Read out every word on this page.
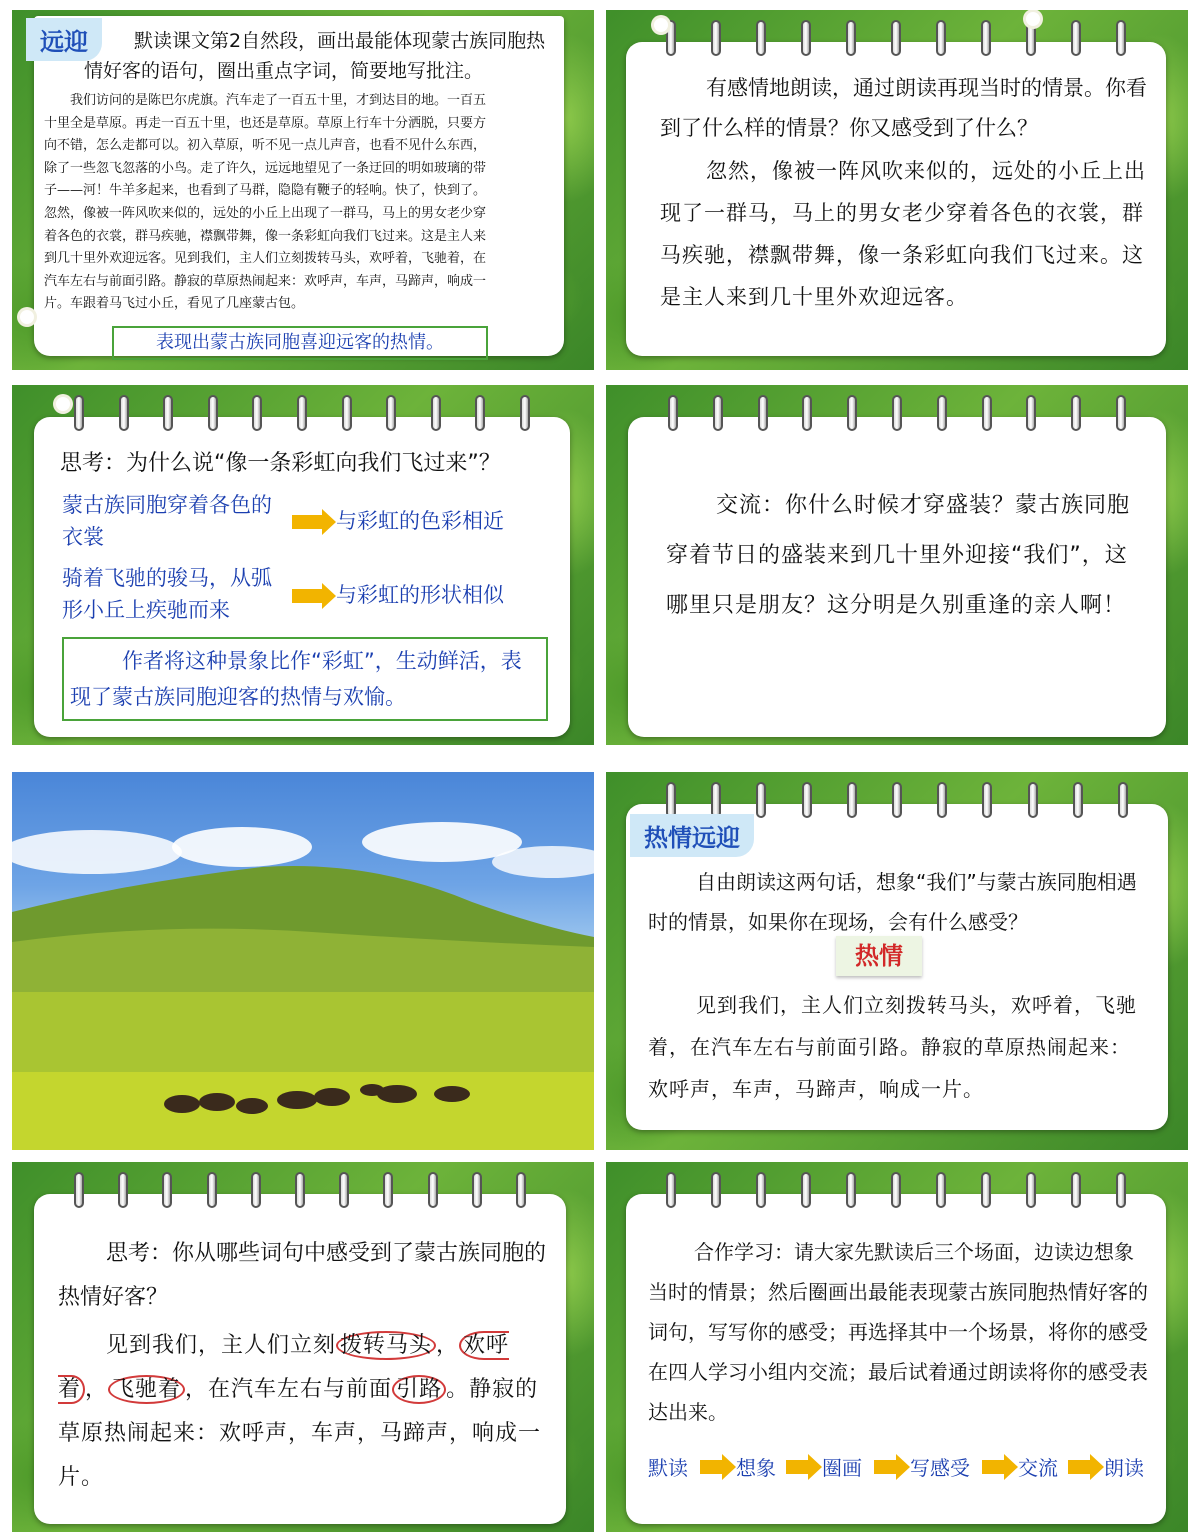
远迎	默读课文第2自然段，画出最能体现蒙古族同胞热情好客的语句，圈出重点字词，简要地写批注。
我们访问的是陈巴尔虎旗。汽车走了一百五十里，才到达目的地。一百五
十里全是草原。再走一百五十里，也还是草原。草原上行车十分洒脱，只要方
向不错，怎么走都可以。初入草原，听不见一点儿声音，也看不见什么东西，
除了一些忽飞忽落的小鸟。走了许久，远远地望见了一条迂回的明如玻璃的带
子——河！牛羊多起来，也看到了马群，隐隐有鞭子的轻响。快了，快到了。
忽然，像被一阵风吹来似的，远处的小丘上出现了一群马，马上的男女老少穿
着各色的衣裳，群马疾驰，襟飘带舞，像一条彩虹向我们飞过来。这是主人来
到几十里外欢迎远客。见到我们，主人们立刻拨转马头，欢呼着，飞驰着，在
汽车左右与前面引路。静寂的草原热闹起来：欢呼声，车声，马蹄声，响成一
片。车跟着马飞过小丘，看见了几座蒙古包。
表现出蒙古族同胞喜迎远客的热情。
有感情地朗读，通过朗读再现当时的情景。你看到了什么样的情景？你又感受到了什么？
忽然，像被一阵风吹来似的，远处的小丘上出现了一群马，马上的男女老少穿着各色的衣裳，群马疾驰，襟飘带舞，像一条彩虹向我们飞过来。这是主人来到几十里外欢迎远客。
思考：为什么说“像一条彩虹向我们飞过来”？
蒙古族同胞穿着各色的衣裳
与彩虹的色彩相近
骑着飞驰的骏马，从弧形小丘上疾驰而来
与彩虹的形状相似
作者将这种景象比作“彩虹”，生动鲜活，表现了蒙古族同胞迎客的热情与欢愉。
交流：你什么时候才穿盛装？蒙古族同胞穿着节日的盛装来到几十里外迎接“我们”，这哪里只是朋友？这分明是久别重逢的亲人啊！
热情远迎
自由朗读这两句话，想象“我们”与蒙古族同胞相遇时的情景，如果你在现场，会有什么感受？
热情
见到我们，主人们立刻拨转马头，欢呼着，飞驰着，在汽车左右与前面引路。静寂的草原热闹起来：欢呼声，车声，马蹄声，响成一片。
思考：你从哪些词句中感受到了蒙古族同胞的热情好客？
见到我们，主人们立刻 拨转马头 ， 欢呼着 ， 飞驰着 ，在汽车左右与前面 引路 。静寂的草原热闹起来：欢呼声，车声，马蹄声，响成一片。
合作学习：请大家先默读后三个场面，边读边想象当时的情景；然后圈画出最能表现蒙古族同胞热情好客的词句，写写你的感受；再选择其中一个场景，将你的感受在四人学习小组内交流；最后试着通过朗读将你的感受表达出来。
默读 想象 圈画 写感受 交流 朗读
